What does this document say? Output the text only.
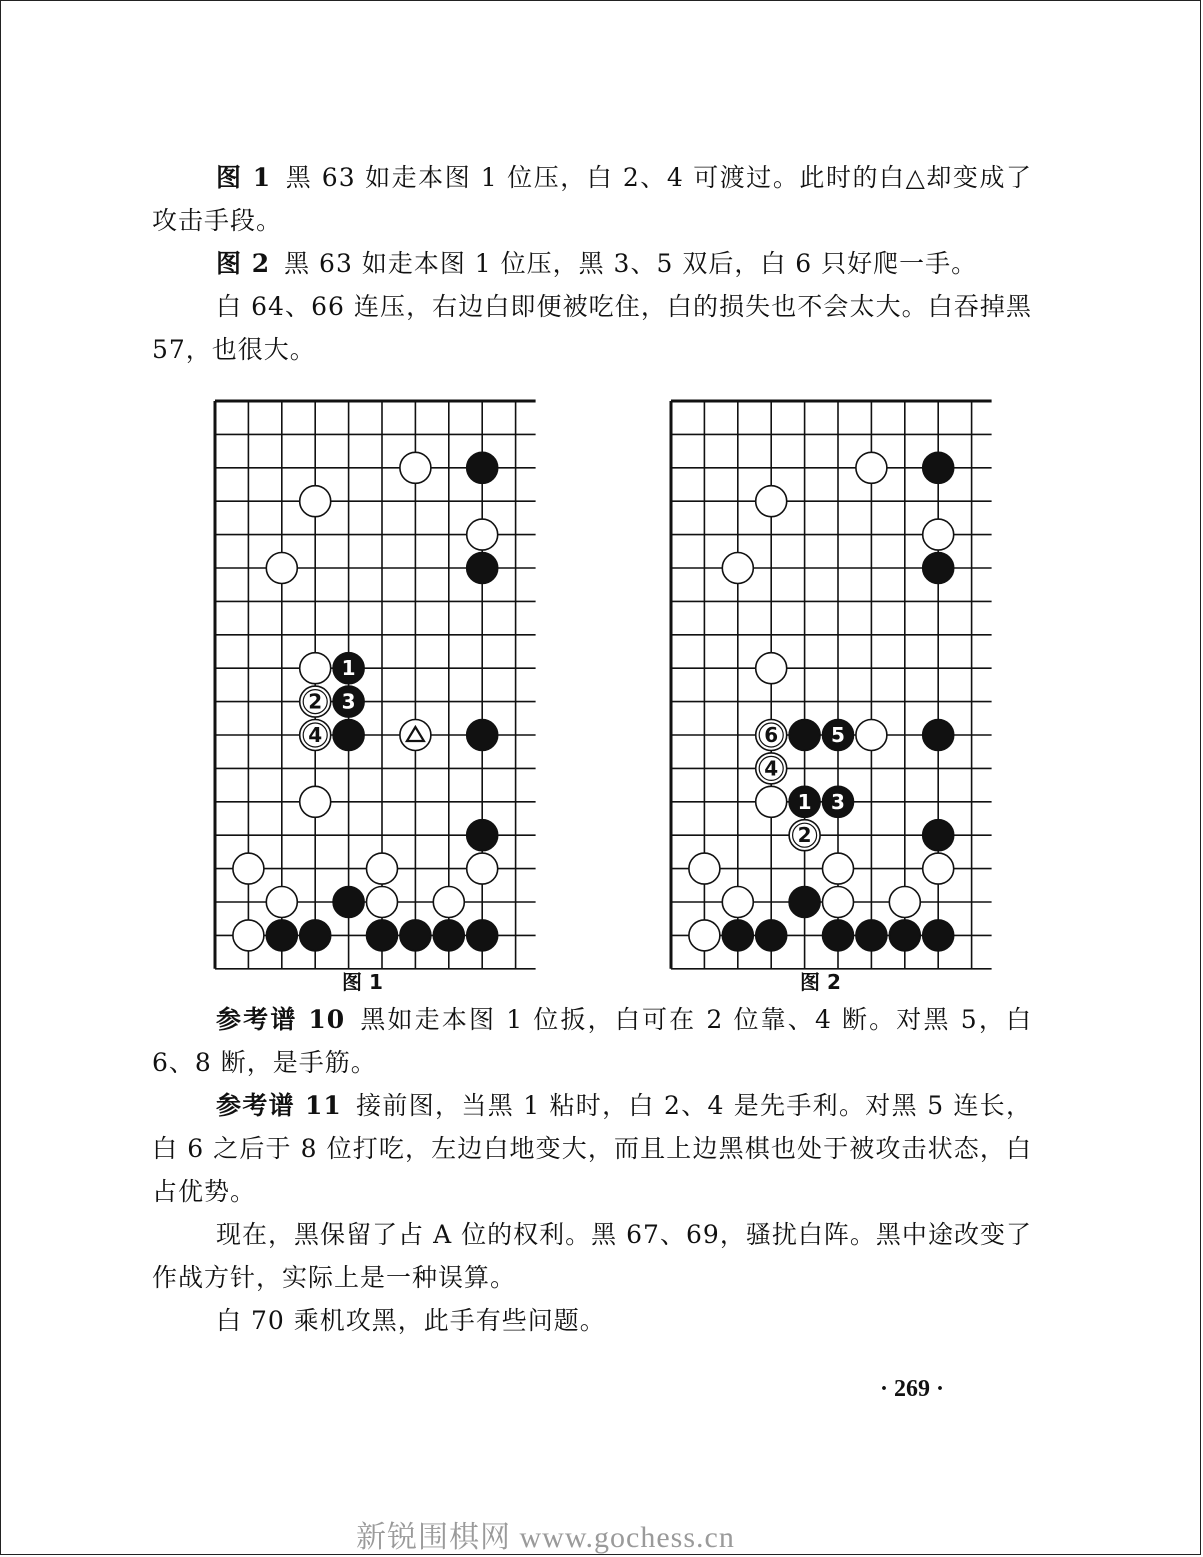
图 1 黑 63 如走本图 1 位压，白 2、4 可渡过。此时的白△却变成了攻击手段。

图 2 黑 63 如走本图 1 位压，黑 3、5 双后，白 6 只好爬一手。

白 64、66 连压，右边白即便被吃住，白的损失也不会太大。白吞掉黑 57，也很大。

1
2 3
4	6	5
4
1 3
2
图 1	图 2

参考谱 10 黑如走本图 1 位扳，白可在 2 位靠、4 断。对黑 5，白 6、8 断，是手筋。

参考谱 11 接前图，当黑 1 粘时，白 2、4 是先手利。对黑 5 连长，白 6 之后于 8 位打吃，左边白地变大，而且上边黑棋也处于被攻击状态，白占优势。

现在，黑保留了占 A 位的权利。黑 67、69，骚扰白阵。黑中途改变了作战方针，实际上是一种误算。

白 70 乘机攻黑，此手有些问题。

· 269 ·
新锐围棋网 www.gochess.cn
